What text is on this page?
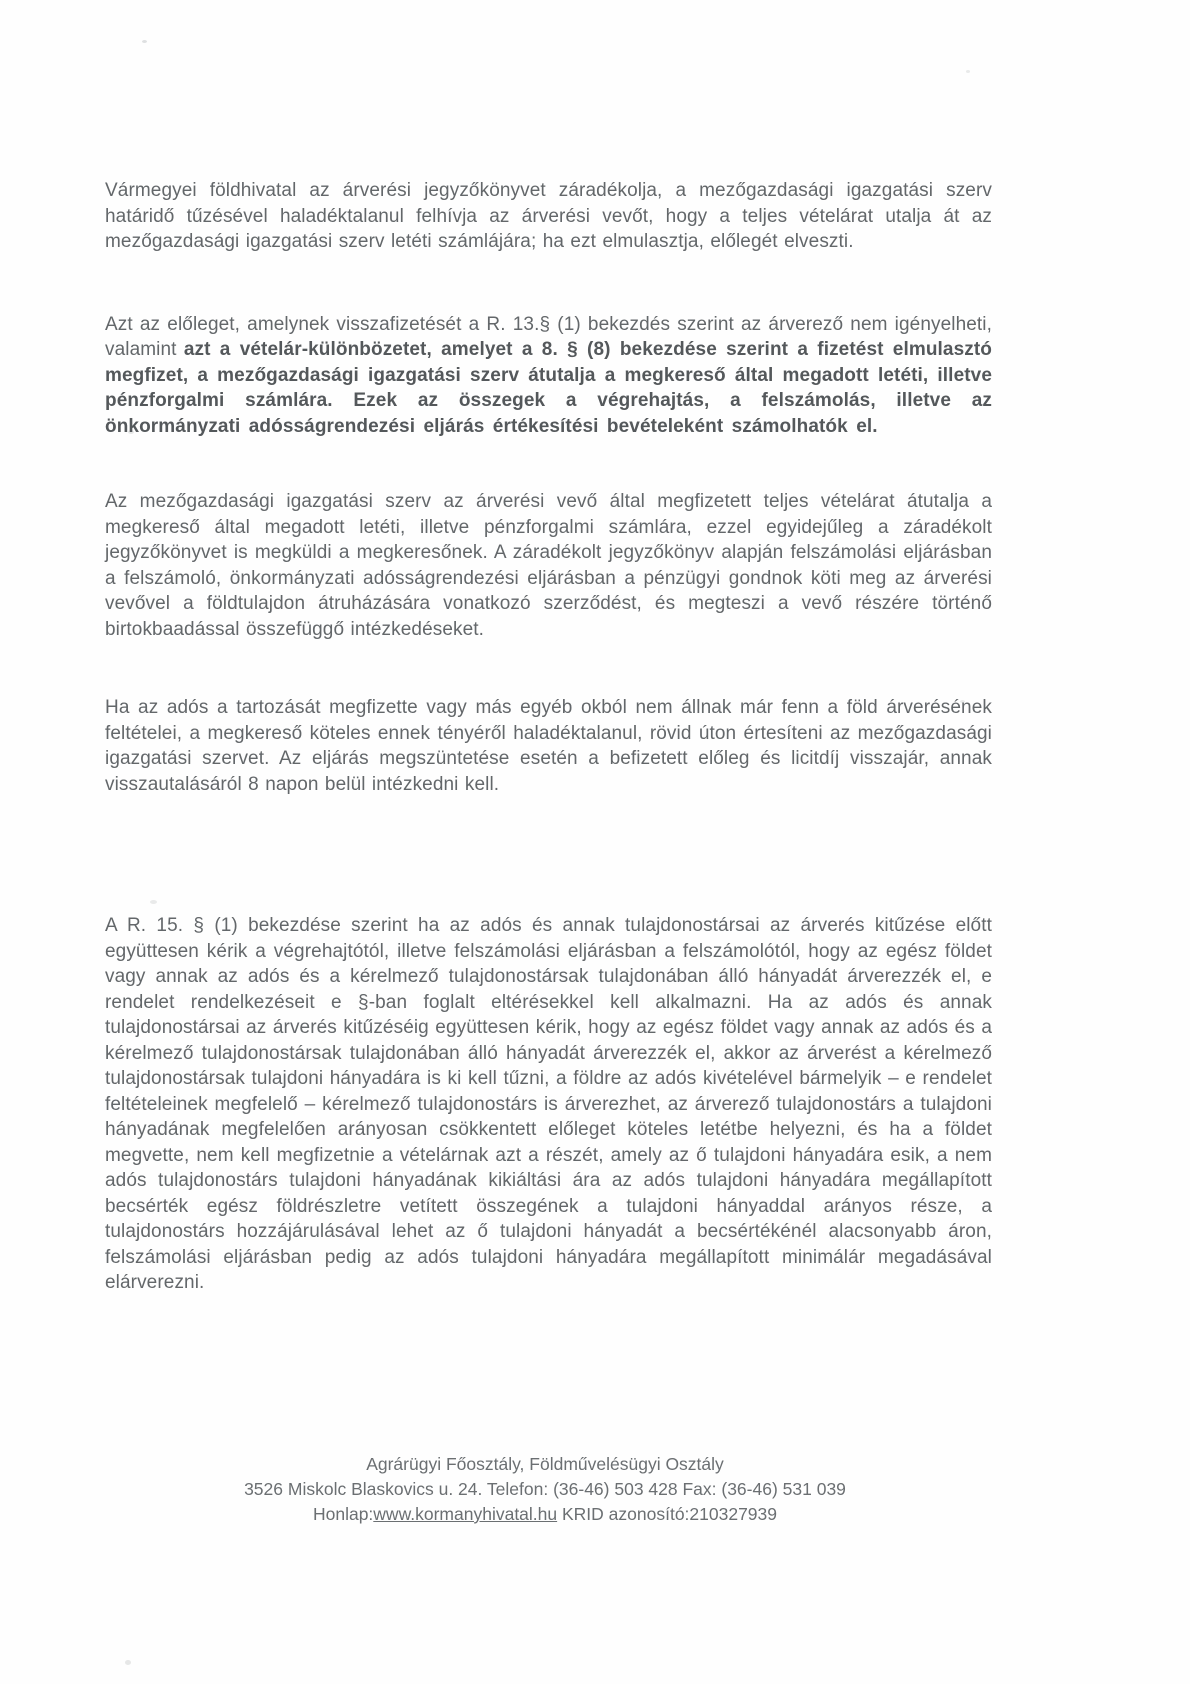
Vármegyei földhivatal az árverési jegyzőkönyvet záradékolja, a mezőgazdasági igazgatási szerv határidő tűzésével haladéktalanul felhívja az árverési vevőt, hogy a teljes vételárat utalja át az mezőgazdasági igazgatási szerv letéti számlájára; ha ezt elmulasztja, előlegét elveszti.

Azt az előleget, amelynek visszafizetését a R. 13.§ (1) bekezdés szerint az árverező nem igényelheti, valamint azt a vételár-különbözetet, amelyet a 8. § (8) bekezdése szerint a fizetést elmulasztó megfizet, a mezőgazdasági igazgatási szerv átutalja a megkereső által megadott letéti, illetve pénzforgalmi számlára. Ezek az összegek a végrehajtás, a felszámolás, illetve az önkormányzati adósságrendezési eljárás értékesítési bevételeként számolhatók el.

Az mezőgazdasági igazgatási szerv az árverési vevő által megfizetett teljes vételárat átutalja a megkereső által megadott letéti, illetve pénzforgalmi számlára, ezzel egyidejűleg a záradékolt jegyzőkönyvet is megküldi a megkeresőnek. A záradékolt jegyzőkönyv alapján felszámolási eljárásban a felszámoló, önkormányzati adósságrendezési eljárásban a pénzügyi gondnok köti meg az árverési vevővel a földtulajdon átruházására vonatkozó szerződést, és megteszi a vevő részére történő birtokbaadással összefüggő intézkedéseket.

Ha az adós a tartozását megfizette vagy más egyéb okból nem állnak már fenn a föld árverésének feltételei, a megkereső köteles ennek tényéről haladéktalanul, rövid úton értesíteni az mezőgazdasági igazgatási szervet. Az eljárás megszüntetése esetén a befizetett előleg és licitdíj visszajár, annak visszautalásáról 8 napon belül intézkedni kell.

A R. 15. § (1) bekezdése szerint ha az adós és annak tulajdonostársai az árverés kitűzése előtt együttesen kérik a végrehajtótól, illetve felszámolási eljárásban a felszámolótól, hogy az egész földet vagy annak az adós és a kérelmező tulajdonostársak tulajdonában álló hányadát árverezzék el, e rendelet rendelkezéseit e §-ban foglalt eltérésekkel kell alkalmazni. Ha az adós és annak tulajdonostársai az árverés kitűzéséig együttesen kérik, hogy az egész földet vagy annak az adós és a kérelmező tulajdonostársak tulajdonában álló hányadát árverezzék el, akkor az árverést a kérelmező tulajdonostársak tulajdoni hányadára is ki kell tűzni, a földre az adós kivételével bármelyik – e rendelet feltételeinek megfelelő – kérelmező tulajdonostárs is árverezhet, az árverező tulajdonostárs a tulajdoni hányadának megfelelően arányosan csökkentett előleget köteles letétbe helyezni, és ha a földet megvette, nem kell megfizetnie a vételárnak azt a részét, amely az ő tulajdoni hányadára esik, a nem adós tulajdonostárs tulajdoni hányadának kikiáltási ára az adós tulajdoni hányadára megállapított becsérték egész földrészletre vetített összegének a tulajdoni hányaddal arányos része, a tulajdonostárs hozzájárulásával lehet az ő tulajdoni hányadát a becsértékénél alacsonyabb áron, felszámolási eljárásban pedig az adós tulajdoni hányadára megállapított minimálár megadásával elárverezni.

Agrárügyi Főosztály, Földművelésügyi Osztály
3526 Miskolc Blaskovics u. 24. Telefon: (36-46) 503 428 Fax: (36-46) 531 039
Honlap:www.kormanyhivatal.hu KRID azonosító:210327939
